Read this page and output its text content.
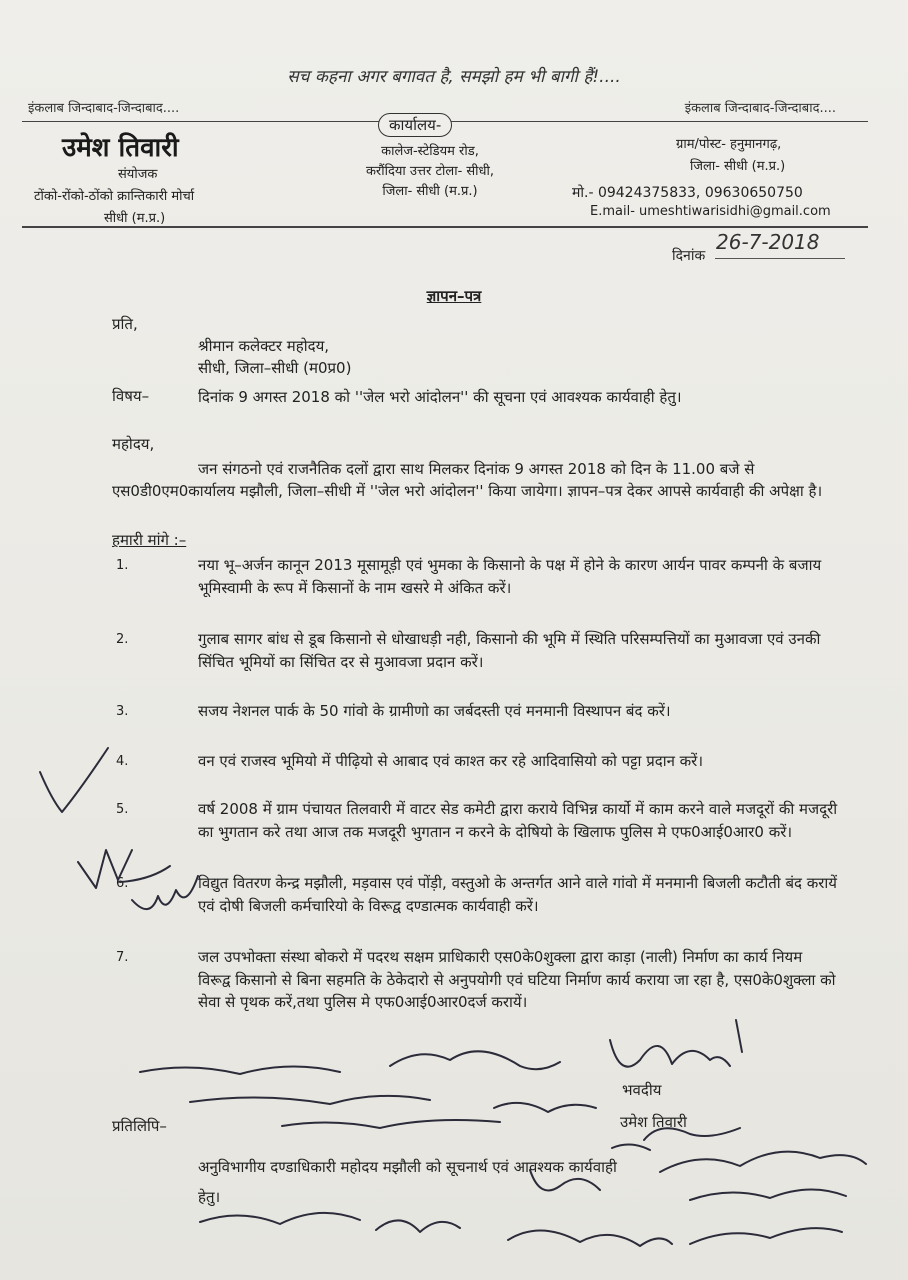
सच कहना अगर बगावत है, समझो हम भी बागी हैं!....
इंकलाब जिन्दाबाद-जिन्दाबाद....	इंकलाब जिन्दाबाद-जिन्दाबाद....
उमेश तिवारी
संयोजक
टोंको-रोंको-ठोंको क्रान्तिकारी मोर्चा
सीधी (म.प्र.)
कार्यालय-
कालेज-स्टेडियम रोड,
करौंदिया उत्तर टोला- सीधी,
जिला- सीधी (म.प्र.)
ग्राम/पोस्ट- हनुमानगढ़,
जिला- सीधी (म.प्र.)
मो.- 09424375833, 09630650750
E.mail- umeshtiwarisidhi@gmail.com
दिनांक
26-7-2018
ज्ञापन–पत्र
प्रति,
श्रीमान कलेक्टर महोदय,
सीधी, जिला–सीधी (म0प्र0)
विषय–	दिनांक 9 अगस्त 2018 को ''जेल भरो आंदोलन'' की सूचना एवं आवश्यक कार्यवाही हेतु।
महोदय,
जन संगठनो एवं राजनैतिक दलों द्वारा साथ मिलकर दिनांक 9 अगस्त 2018 को दिन के 11.00 बजे से एस0डी0एम0कार्यालय मझौली, जिला–सीधी में ''जेल भरो आंदोलन'' किया जायेगा। ज्ञापन–पत्र देकर आपसे कार्यवाही की अपेक्षा है।
हमारी मांगे :–
1.	नया भू–अर्जन कानून 2013 मूसामूड़ी एवं भुमका के किसानो के पक्ष में होने के कारण आर्यन पावर कम्पनी के बजाय भूमिस्वामी के रूप में किसानों के नाम खसरे मे अंकित करें।
2.	गुलाब सागर बांध से डूब किसानो से धोखाधड़ी नही, किसानो की भूमि में स्थिति परिसम्पत्तियों का मुआवजा एवं उनकी सिंचित भूमियों का सिंचित दर से मुआवजा प्रदान करें।
3.	सजय नेशनल पार्क के 50 गांवो के ग्रामीणो का जर्बदस्ती एवं मनमानी विस्थापन बंद करें।
4.	वन एवं राजस्व भूमियो में पीढ़ियो से आबाद एवं काश्त कर रहे आदिवासियो को पट्टा प्रदान करें।
5.	वर्ष 2008 में ग्राम पंचायत तिलवारी में वाटर सेड कमेटी द्वारा कराये विभिन्न कार्यो में काम करने वाले मजदूरों की मजदूरी का भुगतान करे तथा आज तक मजदूरी भुगतान न करने के दोषियो के खिलाफ पुलिस मे एफ0आई0आर0 करें।
6.	विद्युत वितरण केन्द्र मझौली, मड़वास एवं पोंड़ी, वस्तुओ के अन्तर्गत आने वाले गांवो में मनमानी बिजली कटौती बंद करायें एवं दोषी बिजली कर्मचारियो के विरूद्व दण्डात्मक कार्यवाही करें।
7.	जल उपभोक्ता संस्था बोकरो में पदरथ सक्षम प्राधिकारी एस0के0शुक्ला द्वारा काड़ा (नाली) निर्माण का कार्य नियम विरूद्व किसानो से बिना सहमति के ठेकेदारो से अनुपयोगी एवं घटिया निर्माण कार्य कराया जा रहा है, एस0के0शुक्ला को सेवा से पृथक करें,तथा पुलिस मे एफ0आई0आर0दर्ज करायें।
प्रतिलिपि–
अनुविभागीय दण्डाधिकारी महोदय मझौली को सूचनार्थ एवं आवश्यक कार्यवाही हेतु।
भवदीय
उमेश तिवारी
